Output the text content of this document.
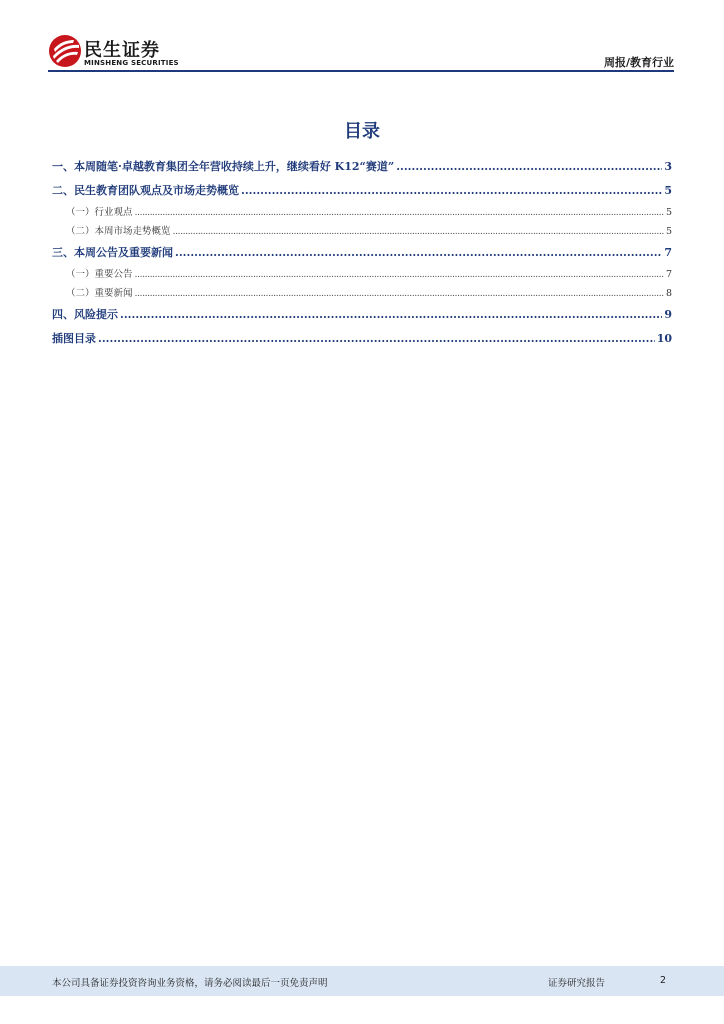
民生证券
MINSHENG SECURITIES	周报/教育行业
目录
一、本周随笔·卓越教育集团全年营收持续上升，继续看好 K12“赛道” .....	3
二、民生教育团队观点及市场走势概览 .....	5
（一）行业观点 .....	5
（二）本周市场走势概览 .....	5
三、本周公告及重要新闻 .....	7
（一）重要公告 .....	7
（二）重要新闻 .....	8
四、风险提示 .....	9
插图目录 .....	10
本公司具备证券投资咨询业务资格，请务必阅读最后一页免责声明	证券研究报告	2
